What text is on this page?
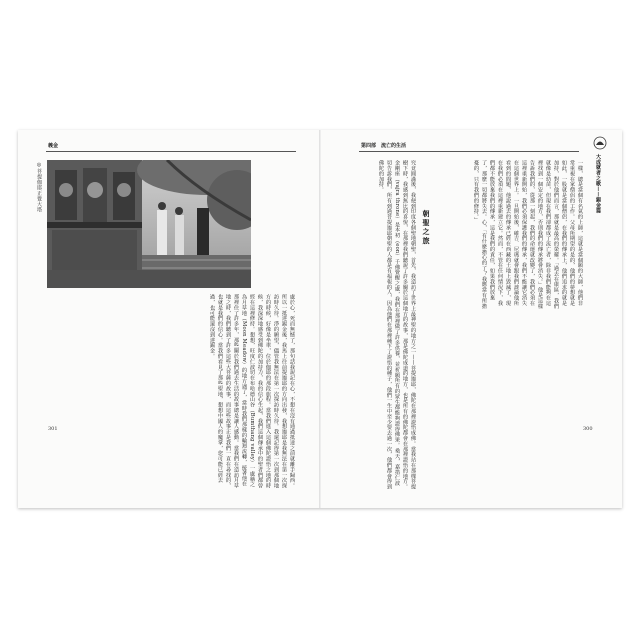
義金
◎菩提伽耶正覺大塔

處於心，死而無憾了，那句話我說記在心，不想在沒有通過抵達之前就離手歸西。所以一抵達錫金後，我馬上往前提迦耶的方向出發，我想迦耶是我無法在第一次探訪時久待。淨的願望，儘管我無法在第一次探訪時久待。我還記得第一次到那個地方的時候，好像是坐車，位於伽耶的那段旅程。當我們進入這個佛陀證悟之地的時候，我深深地感受到佛陀的加持力，我的信心生起，我們這個傳承中的聖者們都曾經在這裡修持。想想，旺度仁波切在布哈德山谷（Bumthang valley）一處稱之為月草地（Moon Meadow）的地方遇了，當時我們那樣的輪迴流轉，接著他在那裡住了許多年，那些關於我們過去生活的故事總是讓人感動。當我們在造訪月草地之時，我們聽到了許多這些大菩薩的故事，而這些故事正是我們一直在尋找的，也就是我們的信心。當我們看見了那些聖地，想想中國人的魔掌，您可能已經去過，也可能還沒到達錫金。

301
第四部　流亡的生活
大成就者之歌——錫金篇

一樣，總是當個有名氣的上師，這就是當個願的大師，他們非常重視在家僧侶的工作。父母所期望的是的，他們的夢想就是如此，一股就是當個僧侶，在我們的傳承上，他們追求的就是加持，對於他們而言，那就是最高的榮耀。「過去在康區，我們就像是幼苗，但現在我們卻都成了流亡者，除非我們能夠在這裡找到一個安定的地方，否則我們的傳承將會消失。」他是這樣告訴我們的，從那一刻起，我們的命運就改變了，我們必須在這裡重新開始，我們必須保護我們的傳承，我們不能讓它消失在這個世界上。一旦開始後，確吉．尼瑪就會跟我們談論他所看到的問題，他說過去的傳承已經在西藏的土地上毀滅了，現在我們必須在這裡重新建立它。然而，不管在任何情況下，我們都不能放棄我們的傳承，這是我們的責任，如果我們放棄了，那麼一切都將失去。心，「有什麼擔心的了？我應當有所擔憂的，只有我們的修持。」

朝聖之旅

究竟圓滿後，我便到印度各個聖地朝聖，首先，我造訪了世界上最神聖的地方之一——菩提迦耶，佛陀在那裡證悟成佛。當我站在那棵菩提樹下時，我感到無比的喜悅，在那裡我們聽說了許多關於這個地方的故事，那是佛陀成道的地方，也是所有的佛陀都會在那裡證悟的地方。金剛座（vajra throne）是本初（eon）千佛覺醒之處，我們在那裡做了許多供養，並祈願所有的眾生都能夠證得佛果。桑天，嘉措仁波切告訴我們，所有到過菩提迦耶朝聖的人都是有福報的人，因為他們在那裡種下了證悟的種子，他們一生中至少要去過一次，他們都會得到佛陀的加持。

300
